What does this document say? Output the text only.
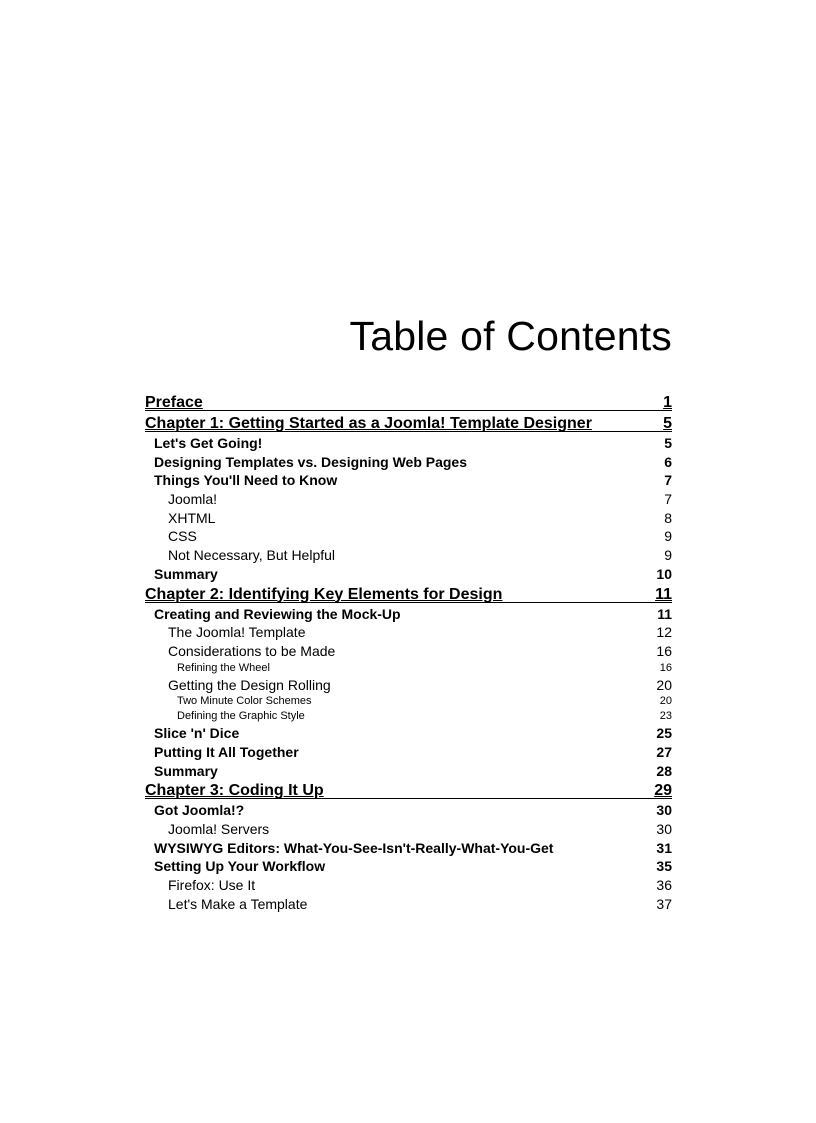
Table of Contents
Preface	1
Chapter 1: Getting Started as a Joomla! Template Designer	5
Let's Get Going!	5
Designing Templates vs. Designing Web Pages	6
Things You'll Need to Know	7
Joomla!	7
XHTML	8
CSS	9
Not Necessary, But Helpful	9
Summary	10
Chapter 2: Identifying Key Elements for Design	11
Creating and Reviewing the Mock-Up	11
The Joomla! Template	12
Considerations to be Made	16
Refining the Wheel	16
Getting the Design Rolling	20
Two Minute Color Schemes	20
Defining the Graphic Style	23
Slice 'n' Dice	25
Putting It All Together	27
Summary	28
Chapter 3: Coding It Up	29
Got Joomla!?	30
Joomla! Servers	30
WYSIWYG Editors: What-You-See-Isn't-Really-What-You-Get	31
Setting Up Your Workflow	35
Firefox: Use It	36
Let's Make a Template	37
